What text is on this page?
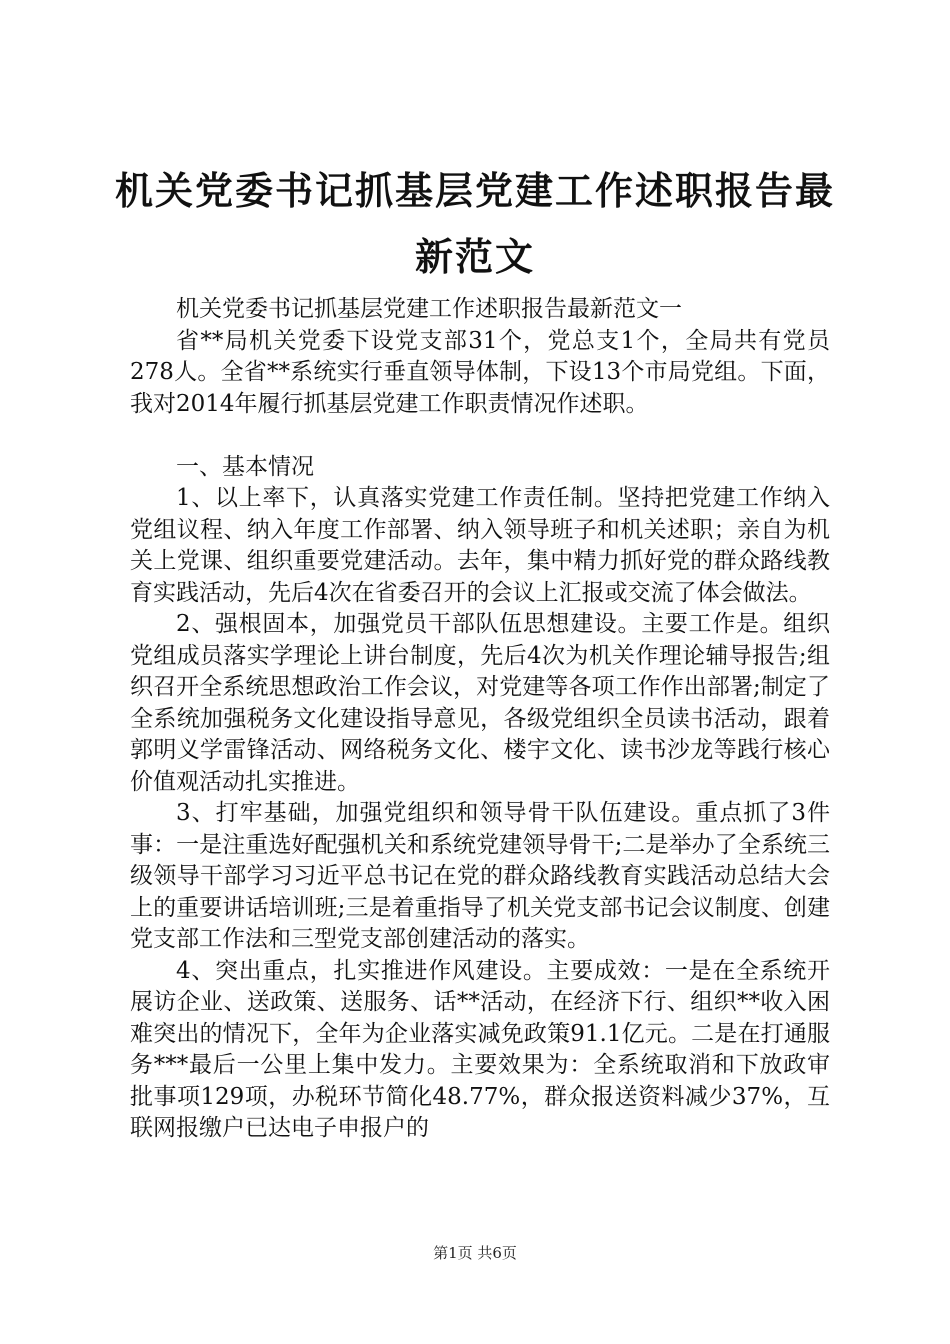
机关党委书记抓基层党建工作述职报告最新范文

机关党委书记抓基层党建工作述职报告最新范文一

省**局机关党委下设党支部31个，党总支1个，全局共有党员278人。全省**系统实行垂直领导体制，下设13个市局党组。下面，我对2014年履行抓基层党建工作职责情况作述职。

一、基本情况

1、以上率下，认真落实党建工作责任制。坚持把党建工作纳入党组议程、纳入年度工作部署、纳入领导班子和机关述职；亲自为机关上党课、组织重要党建活动。去年，集中精力抓好党的群众路线教育实践活动，先后4次在省委召开的会议上汇报或交流了体会做法。

2、强根固本，加强党员干部队伍思想建设。主要工作是。组织党组成员落实学理论上讲台制度，先后4次为机关作理论辅导报告;组织召开全系统思想政治工作会议，对党建等各项工作作出部署;制定了全系统加强税务文化建设指导意见，各级党组织全员读书活动，跟着郭明义学雷锋活动、网络税务文化、楼宇文化、读书沙龙等践行核心价值观活动扎实推进。

3、打牢基础，加强党组织和领导骨干队伍建设。重点抓了3件事：一是注重选好配强机关和系统党建领导骨干;二是举办了全系统三级领导干部学习习近平总书记在党的群众路线教育实践活动总结大会上的重要讲话培训班;三是着重指导了机关党支部书记会议制度、创建党支部工作法和三型党支部创建活动的落实。

4、突出重点，扎实推进作风建设。主要成效：一是在全系统开展访企业、送政策、送服务、话**活动，在经济下行、组织**收入困难突出的情况下，全年为企业落实减免政策91.1亿元。二是在打通服务***最后一公里上集中发力。主要效果为：全系统取消和下放政审批事项129项，办税环节简化48.77%，群众报送资料减少37%，互联网报缴户已达电子申报户的

第1页 共6页
